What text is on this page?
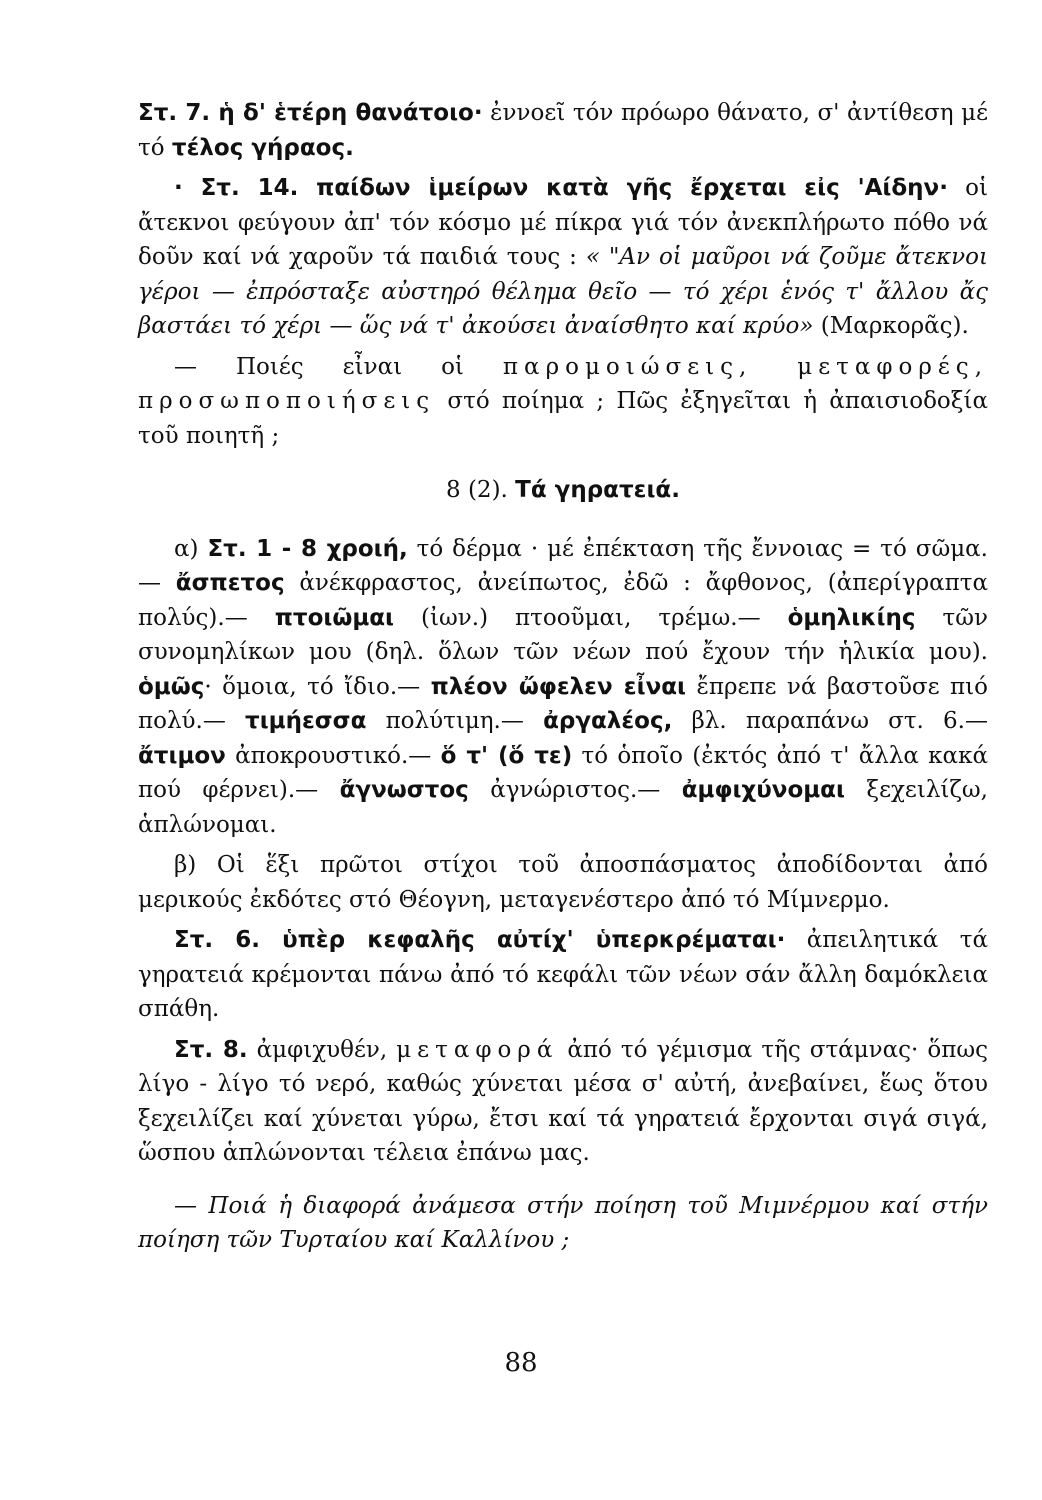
Στ. 7. ἡ δ' ἑτέρη θανάτοιο· ἐννοεῖ τόν πρόωρο θάνατο, σ' ἀντίθεση μέ τό τέλος γήραος.

· Στ. 14. παίδων ἱμείρων κατὰ γῆς ἔρχεται εἰς 'Αίδην· οἱ ἄτεκνοι φεύγουν ἀπ' τόν κόσμο μέ πίκρα γιά τόν ἀνεκπλήρωτο πόθο νά δοῦν καί νά χαροῦν τά παιδιά τους : « "Αν οἱ μαῦροι νά ζοῦμε ἄτεκνοι γέροι — ἐπρόσταξε αὐστηρό θέλημα θεῖο — τό χέρι ἑνός τ' ἄλλου ἄς βαστάει τό χέρι — ὥς νά τ' ἀκούσει ἀναίσθητο καί κρύο» (Μαρκορᾶς).

— Ποιές εἶναι οἱ παρομοιώσεις, μεταφορές, προσωποποιήσεις στό ποίημα ; Πῶς ἐξηγεῖται ἡ ἀπαισιοδοξία τοῦ ποιητῆ ;

8 (2). Τά γηρατειά.

α) Στ. 1 - 8 χροιή, τό δέρμα · μέ ἐπέκταση τῆς ἔννοιας = τό σῶμα. — ἄσπετος ἀνέκφραστος, ἀνείπωτος, ἐδῶ : ἄφθονος, (ἀπερίγραπτα πολύς).— πτοιῶμαι (ἰων.) πτοοῦμαι, τρέμω.— ὁμηλικίης τῶν συνομηλίκων μου (δηλ. ὅλων τῶν νέων πού ἔχουν τήν ἡλικία μου). ὁμῶς· ὅμοια, τό ἴδιο.— πλέον ὤφελεν εἶναι ἔπρεπε νά βαστοῦσε πιό πολύ.— τιμήεσσα πολύτιμη.— ἀργαλέος, βλ. παραπάνω στ. 6.— ἄτιμον ἀποκρουστικό.— ὅ τ' (ὅ τε) τό ὁποῖο (ἐκτός ἀπό τ' ἄλλα κακά πού φέρνει).— ἄγνωστος ἀγνώριστος.— ἀμφιχύνομαι ξεχειλίζω, ἁπλώνομαι.

β) Οἱ ἕξι πρῶτοι στίχοι τοῦ ἀποσπάσματος ἀποδίδονται ἀπό μερικούς ἐκδότες στό Θέογνη, μεταγενέστερο ἀπό τό Μίμνερμο.

Στ. 6. ὑπὲρ κεφαλῆς αὐτίχ' ὑπερκρέμαται· ἀπειλητικά τά γηρατειά κρέμονται πάνω ἀπό τό κεφάλι τῶν νέων σάν ἄλλη δαμόκλεια σπάθη.

Στ. 8. ἀμφιχυθέν, μεταφορά ἀπό τό γέμισμα τῆς στάμνας· ὅπως λίγο - λίγο τό νερό, καθώς χύνεται μέσα σ' αὐτή, ἀνεβαίνει, ἕως ὅτου ξεχειλίζει καί χύνεται γύρω, ἔτσι καί τά γηρατειά ἔρχονται σιγά σιγά, ὥσπου ἁπλώνονται τέλεια ἐπάνω μας.

— Ποιά ἡ διαφορά ἀνάμεσα στήν ποίηση τοῦ Μιμνέρμου καί στήν ποίηση τῶν Τυρταίου καί Καλλίνου ;

88
